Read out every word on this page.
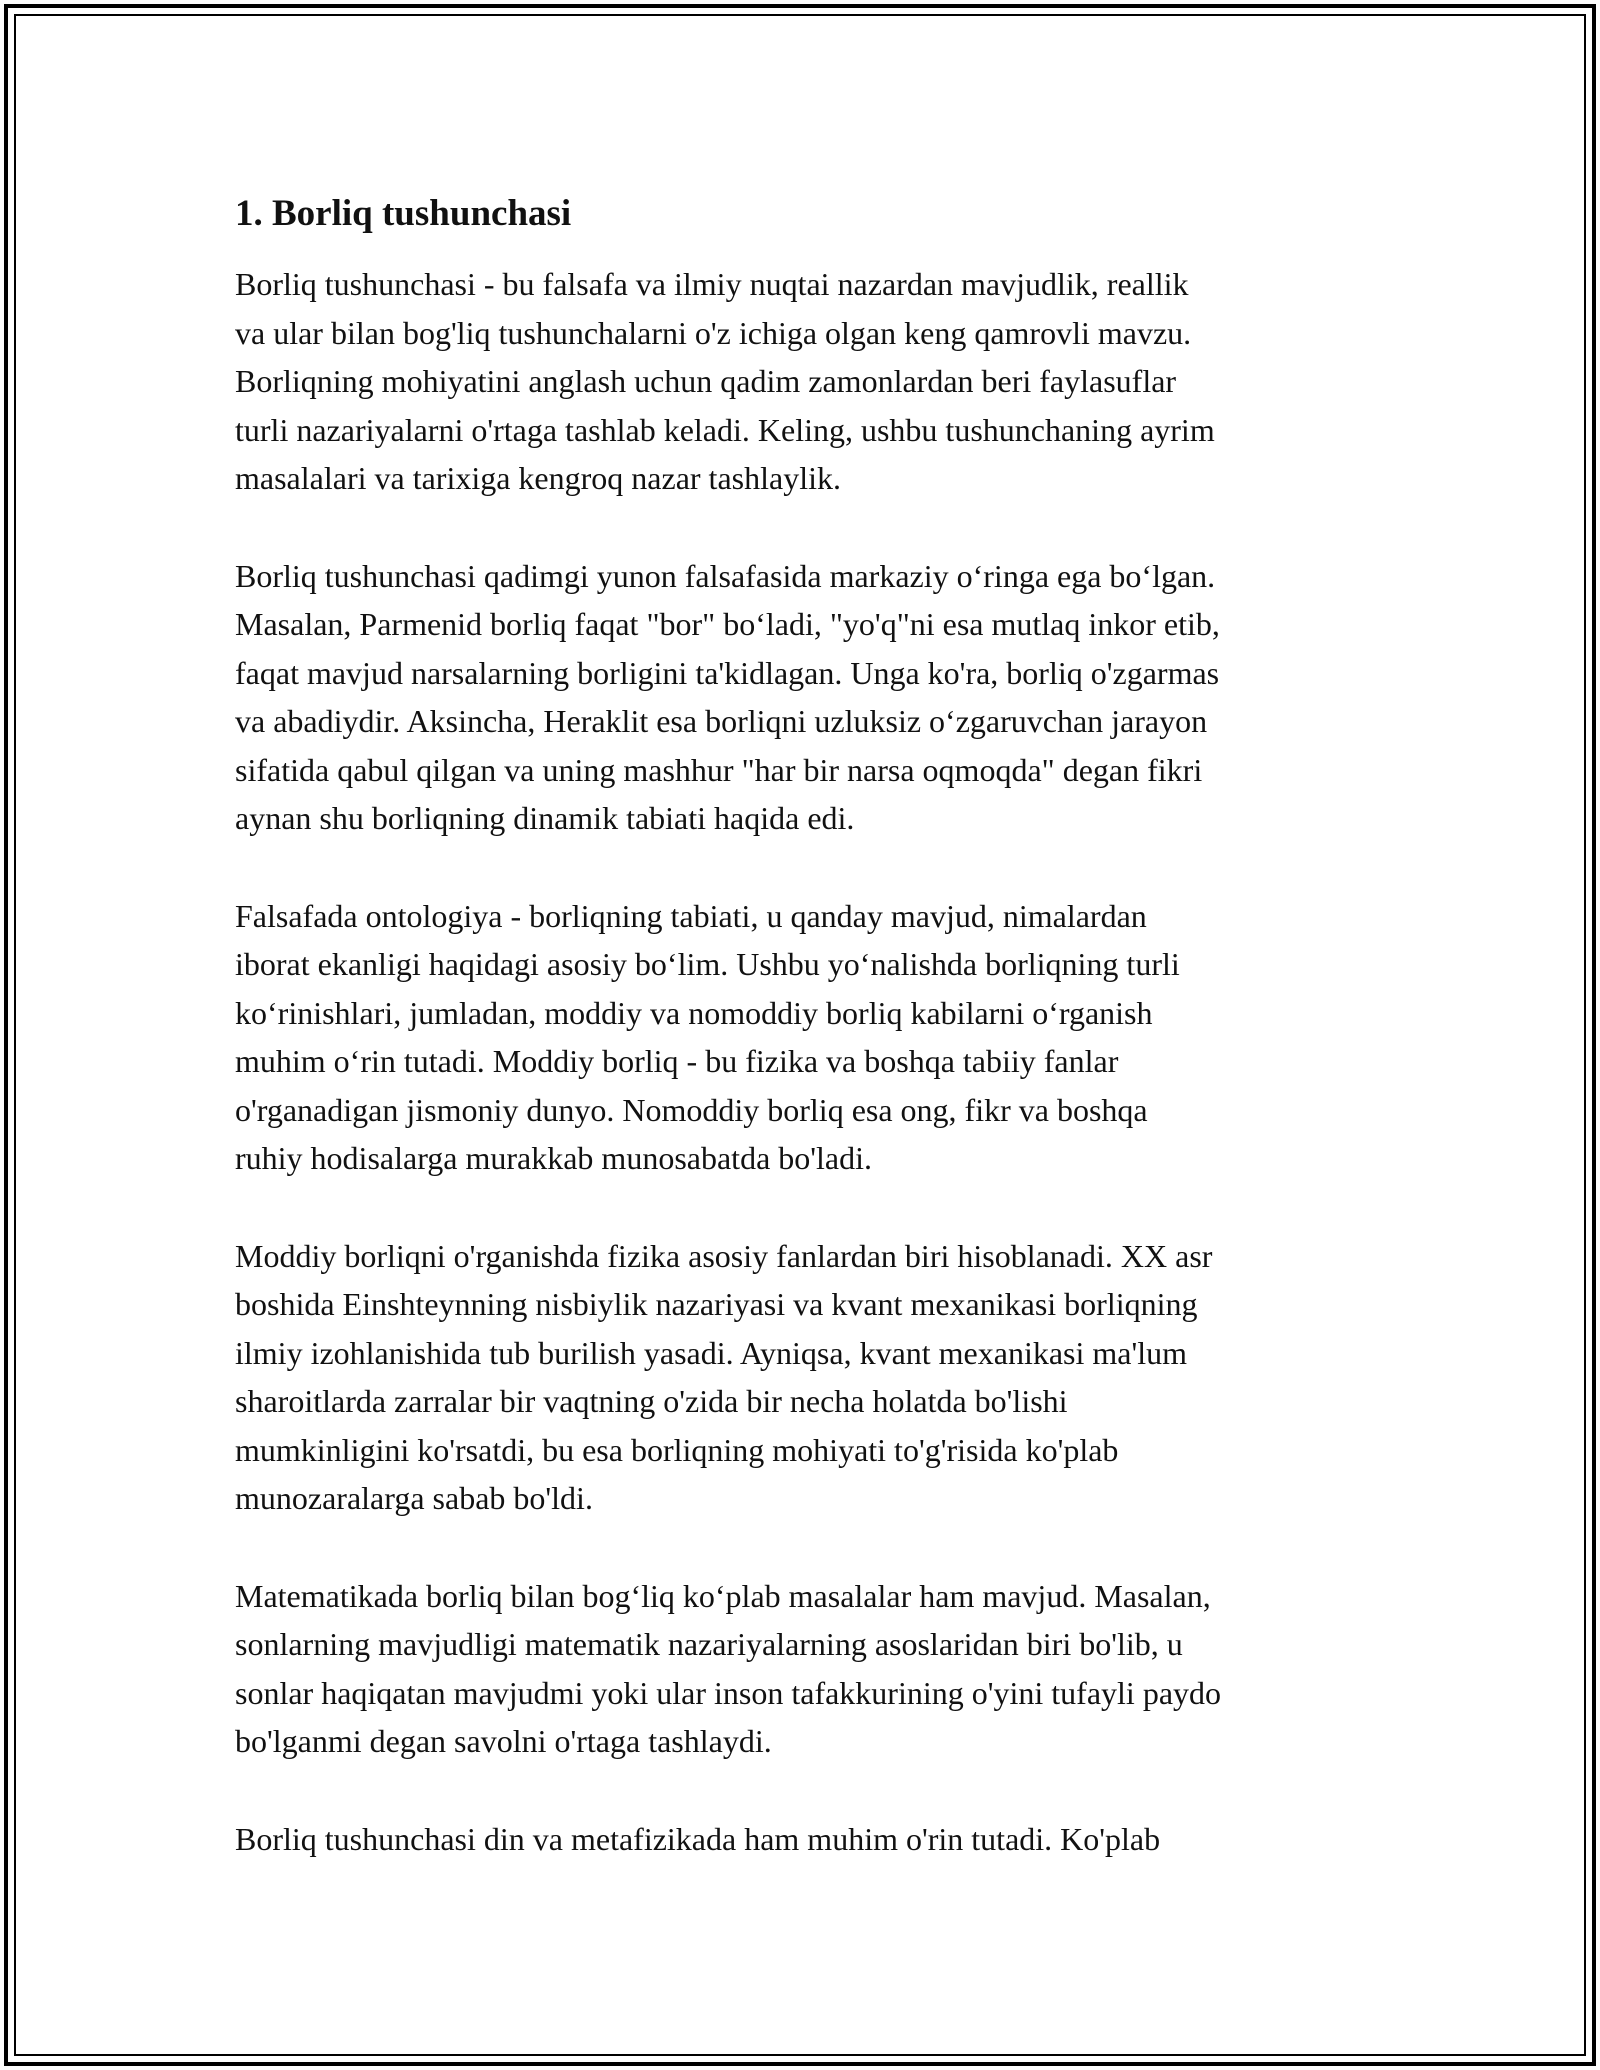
1. Borliq tushunchasi

Borliq tushunchasi - bu falsafa va ilmiy nuqtai nazardan mavjudlik, reallik
va ular bilan bog'liq tushunchalarni o'z ichiga olgan keng qamrovli mavzu.
Borliqning mohiyatini anglash uchun qadim zamonlardan beri faylasuflar
turli nazariyalarni o'rtaga tashlab keladi. Keling, ushbu tushunchaning ayrim
masalalari va tarixiga kengroq nazar tashlaylik.

Borliq tushunchasi qadimgi yunon falsafasida markaziy o‘ringa ega bo‘lgan.
Masalan, Parmenid borliq faqat "bor" bo‘ladi, "yo'q"ni esa mutlaq inkor etib,
faqat mavjud narsalarning borligini ta'kidlagan. Unga ko'ra, borliq o'zgarmas
va abadiydir. Aksincha, Heraklit esa borliqni uzluksiz o‘zgaruvchan jarayon
sifatida qabul qilgan va uning mashhur "har bir narsa oqmoqda" degan fikri
aynan shu borliqning dinamik tabiati haqida edi.

Falsafada ontologiya - borliqning tabiati, u qanday mavjud, nimalardan
iborat ekanligi haqidagi asosiy bo‘lim. Ushbu yo‘nalishda borliqning turli
ko‘rinishlari, jumladan, moddiy va nomoddiy borliq kabilarni o‘rganish
muhim o‘rin tutadi. Moddiy borliq - bu fizika va boshqa tabiiy fanlar
o'rganadigan jismoniy dunyo. Nomoddiy borliq esa ong, fikr va boshqa
ruhiy hodisalarga murakkab munosabatda bo'ladi.

Moddiy borliqni o'rganishda fizika asosiy fanlardan biri hisoblanadi. XX asr
boshida Einshteynning nisbiylik nazariyasi va kvant mexanikasi borliqning
ilmiy izohlanishida tub burilish yasadi. Ayniqsa, kvant mexanikasi ma'lum
sharoitlarda zarralar bir vaqtning o'zida bir necha holatda bo'lishi
mumkinligini ko'rsatdi, bu esa borliqning mohiyati to'g'risida ko'plab
munozaralarga sabab bo'ldi.

Matematikada borliq bilan bog‘liq ko‘plab masalalar ham mavjud. Masalan,
sonlarning mavjudligi matematik nazariyalarning asoslaridan biri bo'lib, u
sonlar haqiqatan mavjudmi yoki ular inson tafakkurining o'yini tufayli paydo
bo'lganmi degan savolni o'rtaga tashlaydi.

Borliq tushunchasi din va metafizikada ham muhim o'rin tutadi. Ko'plab
